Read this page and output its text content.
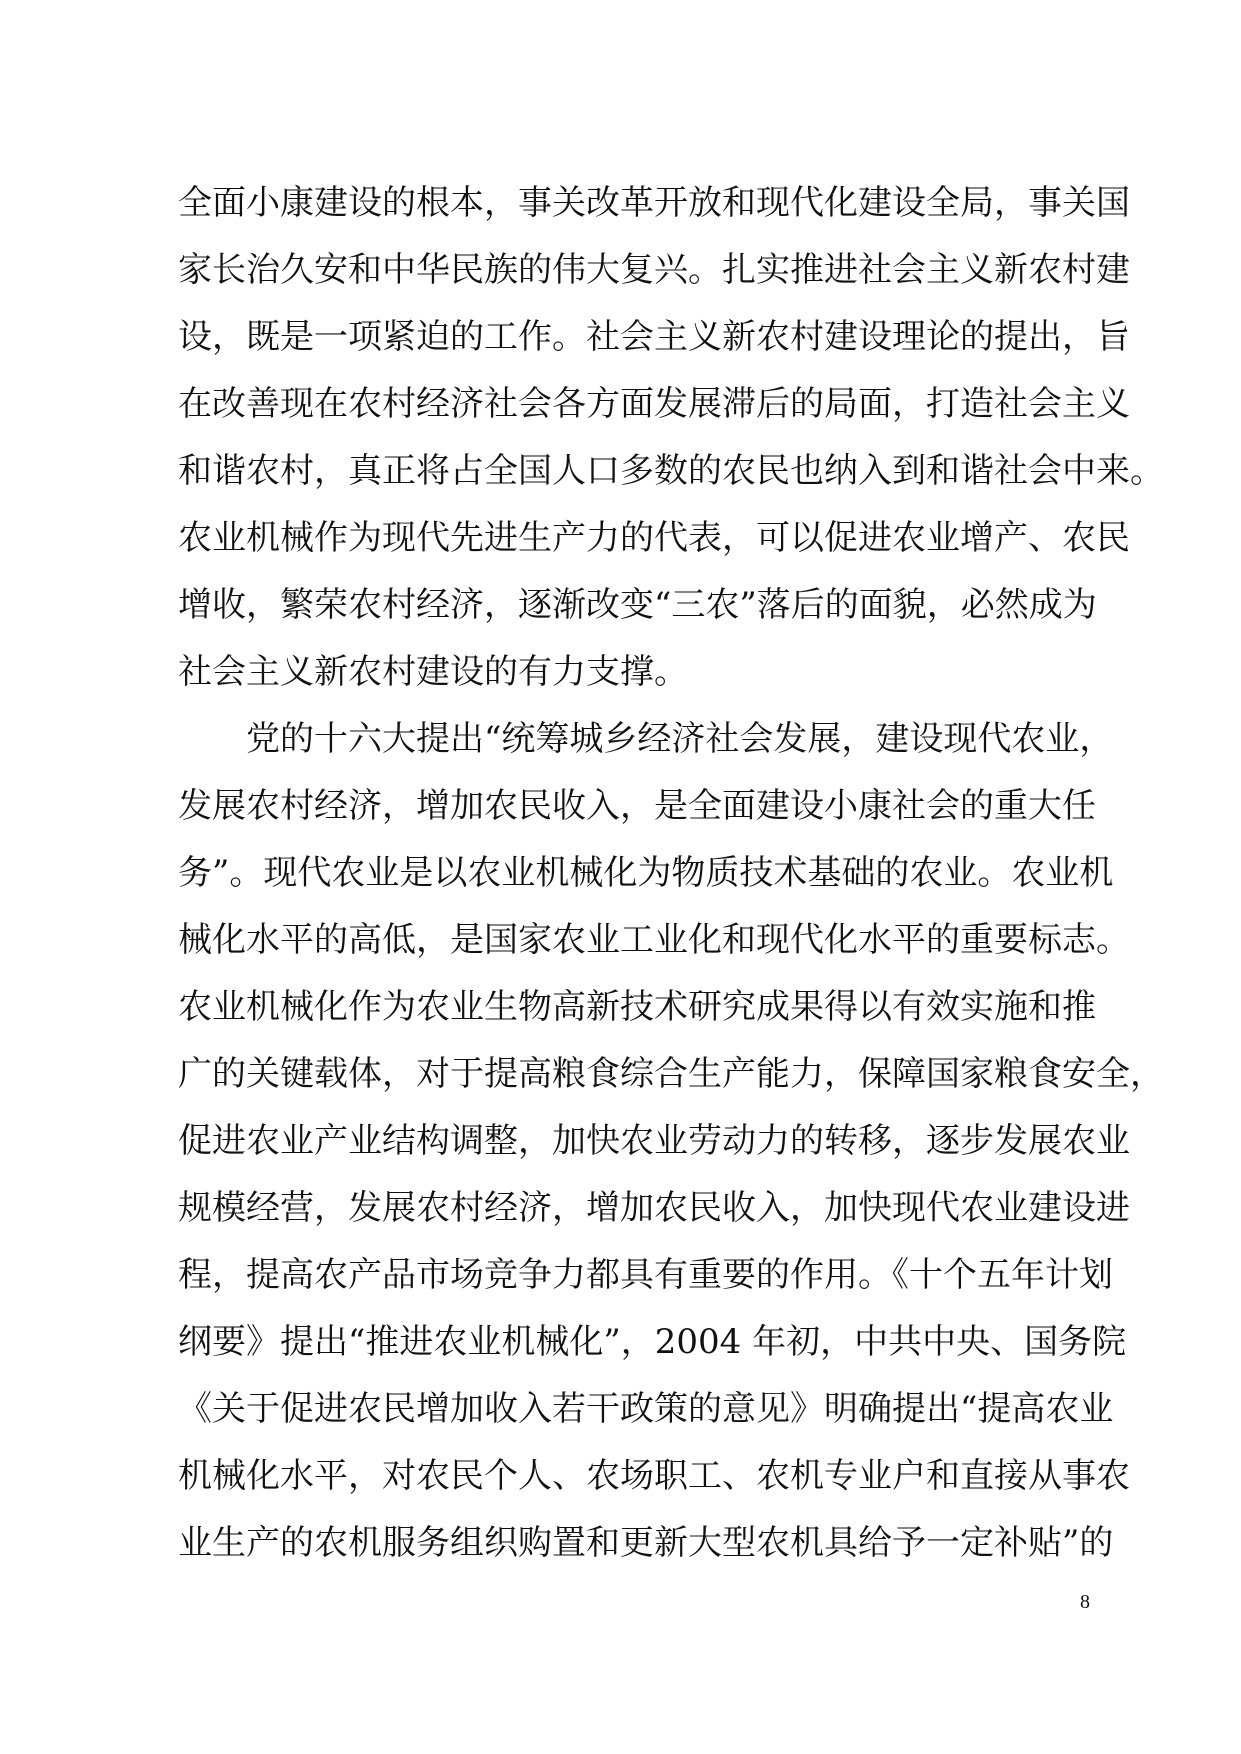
全面小康建设的根本，事关改革开放和现代化建设全局，事关国
家长治久安和中华民族的伟大复兴。扎实推进社会主义新农村建
设，既是一项紧迫的工作。社会主义新农村建设理论的提出，旨
在改善现在农村经济社会各方面发展滞后的局面，打造社会主义
和谐农村，真正将占全国人口多数的农民也纳入到和谐社会中来。
农业机械作为现代先进生产力的代表，可以促进农业增产、农民
增收，繁荣农村经济，逐渐改变“三农”落后的面貌，必然成为
社会主义新农村建设的有力支撑。
　　党的十六大提出“统筹城乡经济社会发展，建设现代农业，
发展农村经济，增加农民收入，是全面建设小康社会的重大任
务”。现代农业是以农业机械化为物质技术基础的农业。农业机
械化水平的高低，是国家农业工业化和现代化水平的重要标志。
农业机械化作为农业生物高新技术研究成果得以有效实施和推
广的关键载体，对于提高粮食综合生产能力，保障国家粮食安全，
促进农业产业结构调整，加快农业劳动力的转移，逐步发展农业
规模经营，发展农村经济，增加农民收入，加快现代农业建设进
程，提高农产品市场竞争力都具有重要的作用。《十个五年计划
纲要》提出“推进农业机械化”，2004 年初，中共中央、国务院
《关于促进农民增加收入若干政策的意见》明确提出“提高农业
机械化水平，对农民个人、农场职工、农机专业户和直接从事农
业生产的农机服务组织购置和更新大型农机具给予一定补贴”的
8
